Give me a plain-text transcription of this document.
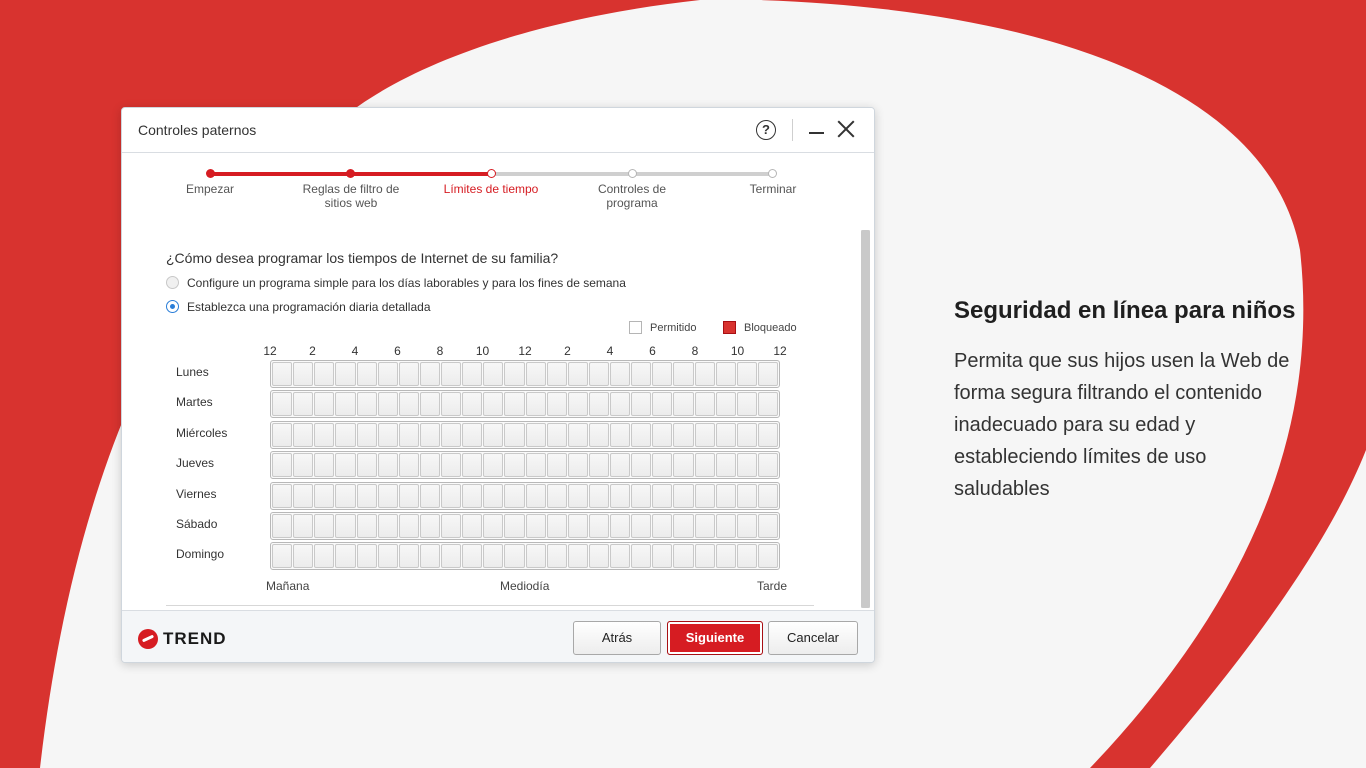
Controles paternos	?
Empezar	Reglas de filtro de sitios web
Límites de tiempo	Controles de programa
Terminar
¿Cómo desea programar los tiempos de Internet de su familia?
Configure un programa simple para los días laborables y para los fines de semana
Establezca una programación diaria detallada
Permitido	Bloqueado
12	2	4	6	8	10	12	2	4	6	8	10	12
Lunes
Martes
Miércoles
Jueves
Viernes
Sábado
Domingo
Mañana	Mediodía	Tarde
TREND	Atrás	Siguiente	Cancelar
Seguridad en línea para niños
Permita que sus hijos usen la Web de forma segura filtrando el contenido inadecuado para su edad y estableciendo límites de uso saludables
